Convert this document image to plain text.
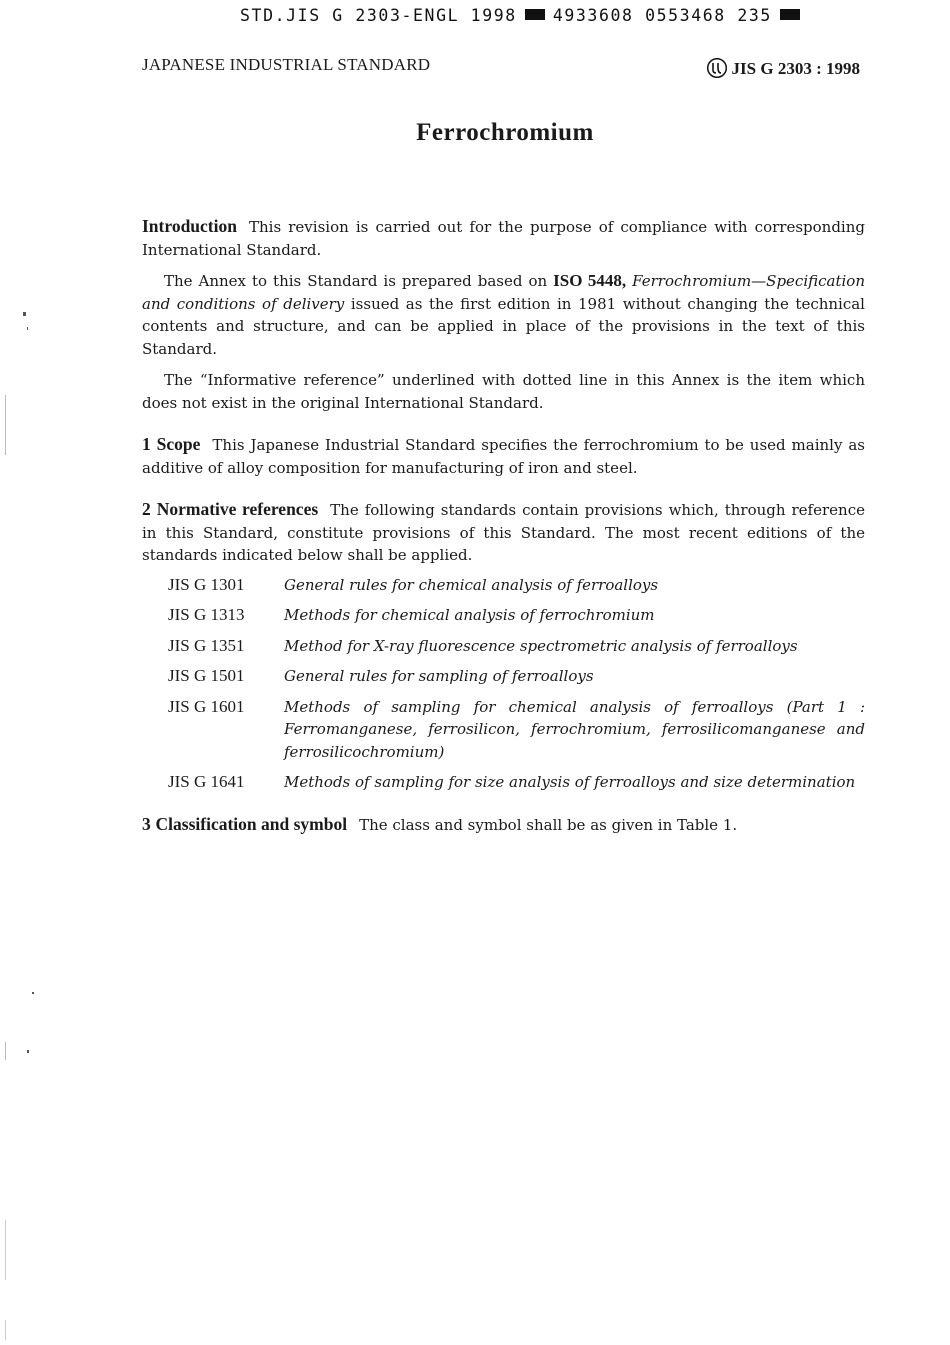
STD.JIS G 2303-ENGL 1998 4933608 0553468 235
JAPANESE INDUSTRIAL STANDARD	JIS G 2303 : 1998
Ferrochromium

Introduction This revision is carried out for the purpose of compliance with corresponding International Standard.

The Annex to this Standard is prepared based on ISO 5448, Ferrochromium—Specification and conditions of delivery issued as the first edition in 1981 without changing the technical contents and structure, and can be applied in place of the provisions in the text of this Standard.

The “Informative reference” underlined with dotted line in this Annex is the item which does not exist in the original International Standard.

1 Scope This Japanese Industrial Standard specifies the ferrochromium to be used mainly as additive of alloy composition for manufacturing of iron and steel.

2 Normative references The following standards contain provisions which, through reference in this Standard, constitute provisions of this Standard. The most recent editions of the standards indicated below shall be applied.

JIS G 1301	General rules for chemical analysis of ferroalloys
JIS G 1313	Methods for chemical analysis of ferrochromium
JIS G 1351	Method for X-ray fluorescence spectrometric analysis of ferroalloys
JIS G 1501	General rules for sampling of ferroalloys
JIS G 1601	Methods of sampling for chemical analysis of ferroalloys (Part 1 : Ferromanganese, ferrosilicon, ferrochromium, ferrosilicomanganese and ferrosilicochromium)
JIS G 1641	Methods of sampling for size analysis of ferroalloys and size determination

3 Classification and symbol The class and symbol shall be as given in Table 1.
